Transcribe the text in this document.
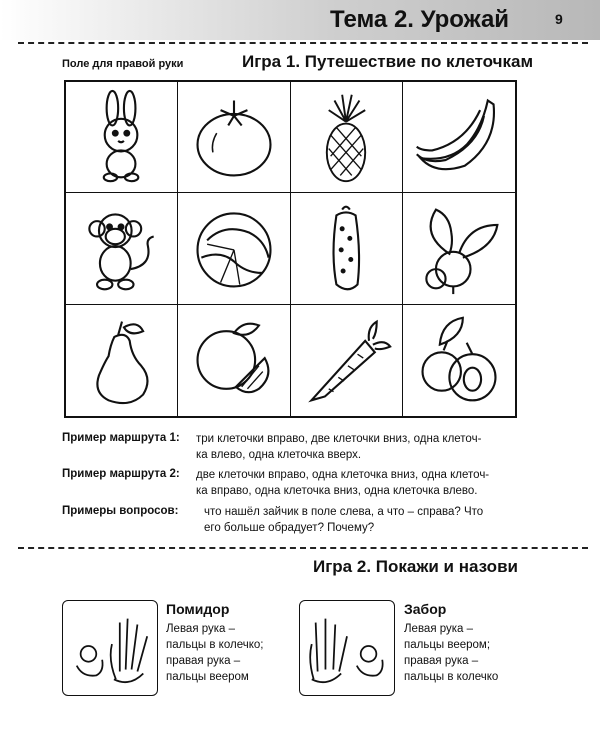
Тема 2. Урожай	9
Поле для правой руки	Игра 1. Путешествие по клеточкам
Пример маршрута 1: три клеточки вправо, две клеточки вниз, одна клеточ-
ка влево, одна клеточка вверх.
Пример маршрута 2: две клеточки вправо, одна клеточка вниз, одна клеточ-
ка вправо, одна клеточка вниз, одна клеточка влево.
Примеры вопросов: что нашёл зайчик в поле слева, а что – справа? Что
его больше обрадует? Почему?
Игра 2. Покажи и назови
Помидор
Левая рука –
пальцы в колечко;
правая рука –
пальцы веером
Забор
Левая рука –
пальцы веером;
правая рука –
пальцы в колечко
